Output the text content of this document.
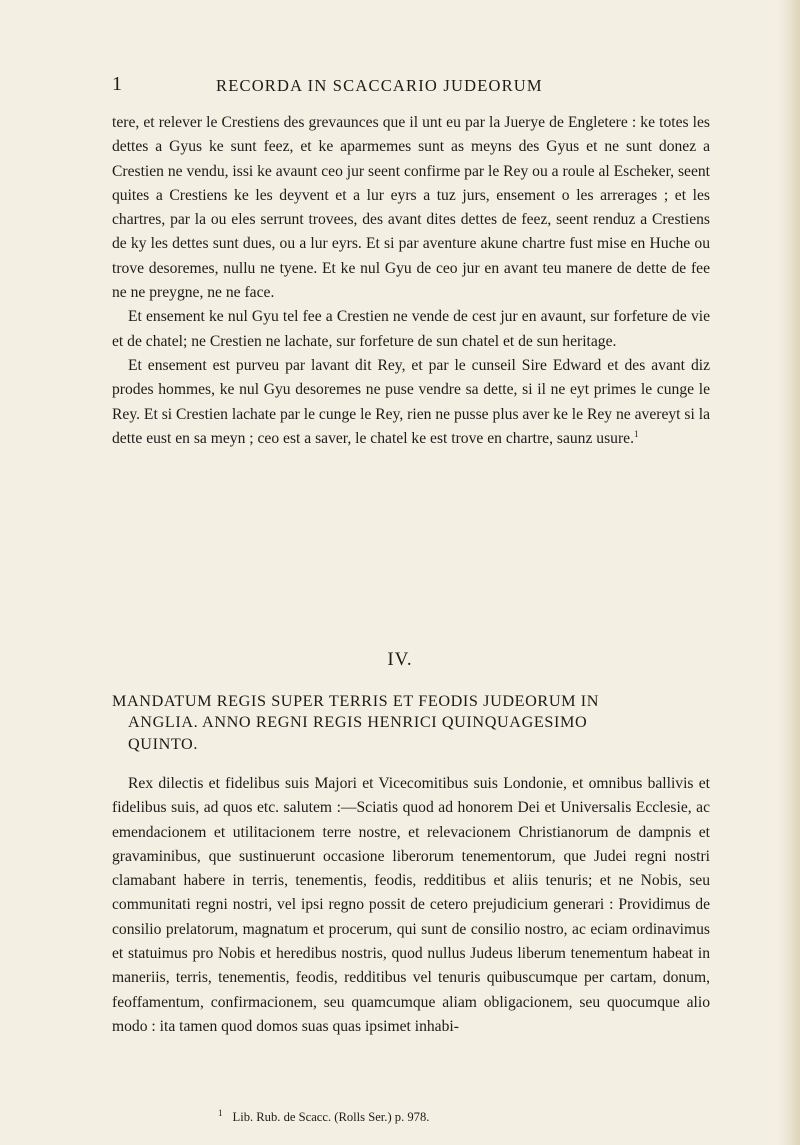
1	RECORDA IN SCACCARIO JUDEORUM

tere, et relever le Crestiens des grevaunces que il unt eu par la Juerye de Engletere : ke totes les dettes a Gyus ke sunt feez, et ke aparmemes sunt as meyns des Gyus et ne sunt donez a Crestien ne vendu, issi ke avaunt ceo jur seent confirme par le Rey ou a roule al Escheker, seent quites a Crestiens ke les deyvent et a lur eyrs a tuz jurs, ensement o les arrerages ; et les chartres, par la ou eles serrunt trovees, des avant dites dettes de feez, seent renduz a Crestiens de ky les dettes sunt dues, ou a lur eyrs. Et si par aventure akune chartre fust mise en Huche ou trove desoremes, nullu ne tyene. Et ke nul Gyu de ceo jur en avant teu manere de dette de fee ne ne preygne, ne ne face.

Et ensement ke nul Gyu tel fee a Crestien ne vende de cest jur en avaunt, sur forfeture de vie et de chatel; ne Crestien ne lachate, sur forfeture de sun chatel et de sun heritage.

Et ensement est purveu par lavant dit Rey, et par le cunseil Sire Edward et des avant diz prodes hommes, ke nul Gyu desoremes ne puse vendre sa dette, si il ne eyt primes le cunge le Rey. Et si Crestien lachate par le cunge le Rey, rien ne pusse plus aver ke le Rey ne avereyt si la dette eust en sa meyn ; ceo est a saver, le chatel ke est trove en chartre, saunz usure.$^1$

IV.
MANDATUM REGIS SUPER TERRIS ET FEODIS JUDEORUM IN
ANGLIA. ANNO REGNI REGIS HENRICI QUINQUAGESIMO
QUINTO.

Rex dilectis et fidelibus suis Majori et Vicecomitibus suis Londonie, et omnibus ballivis et fidelibus suis, ad quos etc. salutem :—Sciatis quod ad honorem Dei et Universalis Ecclesie, ac emendacionem et utilitacionem terre nostre, et relevacionem Christianorum de dampnis et gravaminibus, que sustinuerunt occasione liberorum tenementorum, que Judei regni nostri clamabant habere in terris, tenementis, feodis, redditibus et aliis tenuris; et ne Nobis, seu communitati regni nostri, vel ipsi regno possit de cetero prejudicium generari : Providimus de consilio prelatorum, magnatum et procerum, qui sunt de consilio nostro, ac eciam ordinavimus et statuimus pro Nobis et heredibus nostris, quod nullus Judeus liberum tenementum habeat in maneriis, terris, tenementis, feodis, redditibus vel tenuris quibuscumque per cartam, donum, feoffamentum, confirmacionem, seu quamcumque aliam obligacionem, seu quocumque alio modo : ita tamen quod domos suas quas ipsimet inhabi-

$^1$ Lib. Rub. de Scacc. (Rolls Ser.) p. 978.
